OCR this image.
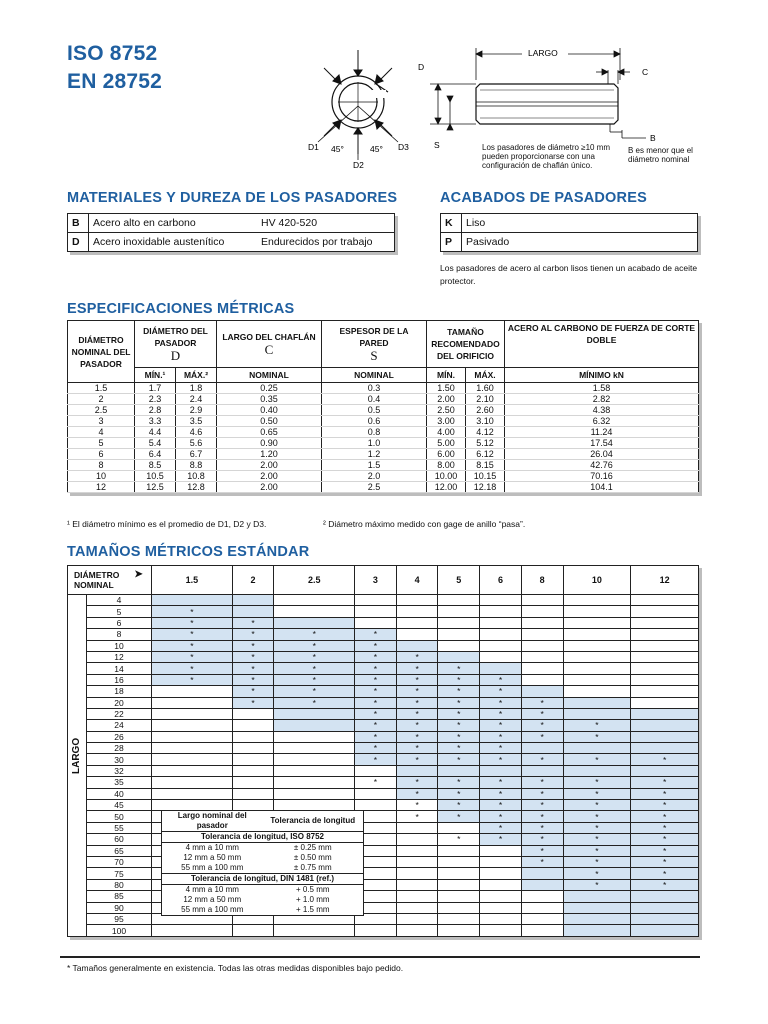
ISO 8752
EN 28752
D1 45°	45° D3
D2
LARGO
D
S
C
B
Los pasadores de diámetro ≥10 mm pueden proporcionarse con una configuración de chaflán único.
B es menor que el diámetro nominal
MATERIALES Y DUREZA DE LOS PASADORES
B	Acero alto en carbono	HV 420-520
D	Acero inoxidable austenítico	Endurecidos por trabajo
ACABADOS DE PASADORES
K	Liso
P	Pasivado
Los pasadores de acero al carbon lisos tienen un acabado de aceite protector.
ESPECIFICACIONES MÉTRICAS
DIÁMETRO NOMINAL DEL PASADOR	DIÁMETRO DEL PASADOR
D		LARGO DEL CHAFLÁN
C	ESPESOR DE LA PARED
S	TAMAÑO RECOMENDADO DEL ORIFICIO		ACERO AL CARBONO DE FUERZA DE CORTE DOBLE
	MÍN.¹	MÁX.²	NOMINAL	NOMINAL	MÍN.	MÁX.	MÍNIMO kN
1.5	1.7	1.8	0.25	0.3	1.50	1.60	1.58
2	2.3	2.4	0.35	0.4	2.00	2.10	2.82
2.5	2.8	2.9	0.40	0.5	2.50	2.60	4.38
3	3.3	3.5	0.50	0.6	3.00	3.10	6.32
4	4.4	4.6	0.65	0.8	4.00	4.12	11.24
5	5.4	5.6	0.90	1.0	5.00	5.12	17.54
6	6.4	6.7	1.20	1.2	6.00	6.12	26.04
8	8.5	8.8	2.00	1.5	8.00	8.15	42.76
10	10.5	10.8	2.00	2.0	10.00	10.15	70.16
12	12.5	12.8	2.00	2.5	12.00	12.18	104.1
¹ El diámetro mínimo es el promedio de D1, D2 y D3.	² Diámetro máximo medido con gage de anillo “pasa”.
TAMAÑOS MÉTRICOS ESTÁNDAR
DIÁMETRO NOMINAL ➤		1.5	2	2.5	3	4	5	6	8	10	12

LARGO	4										
	5	*									
	6	*	*								
	8	*	*	*	*						
	10	*	*	*	*						
	12	*	*	*	*	*					
	14	*	*	*	*	*	*				
	16	*	*	*	*	*	*	*			
	18		*	*	*	*	*	*			
	20		*	*	*	*	*	*	*		
	22				*	*	*	*	*		
	24				*	*	*	*	*	*	
	26				*	*	*	*	*	*	
	28				*	*	*	*			
	30				*	*	*	*	*	*	*
	32										
	35				*	*	*	*	*	*	*
	40					*	*	*	*	*	*
	45					*	*	*	*	*	*
	50					*	*	*	*	*	*
	55							*	*	*	*
	60						*	*	*	*	*
	65								*	*	*
	70								*	*	*
	75									*	*
	80									*	*
	85										
	90										
	95										
	100										
Largo nominal del pasador	Tolerancia de longitud
Tolerancia de longitud, ISO 8752	
4 mm a 10 mm	± 0.25 mm
12 mm a 50 mm	± 0.50 mm
55 mm a 100 mm	± 0.75 mm
Tolerancia de longitud, DIN 1481 (ref.)	
4 mm a 10 mm	+ 0.5 mm
12 mm a 50 mm	+ 1.0 mm
55 mm a 100 mm	+ 1.5 mm
* Tamaños generalmente en existencia. Todas las otras medidas disponibles bajo pedido.
